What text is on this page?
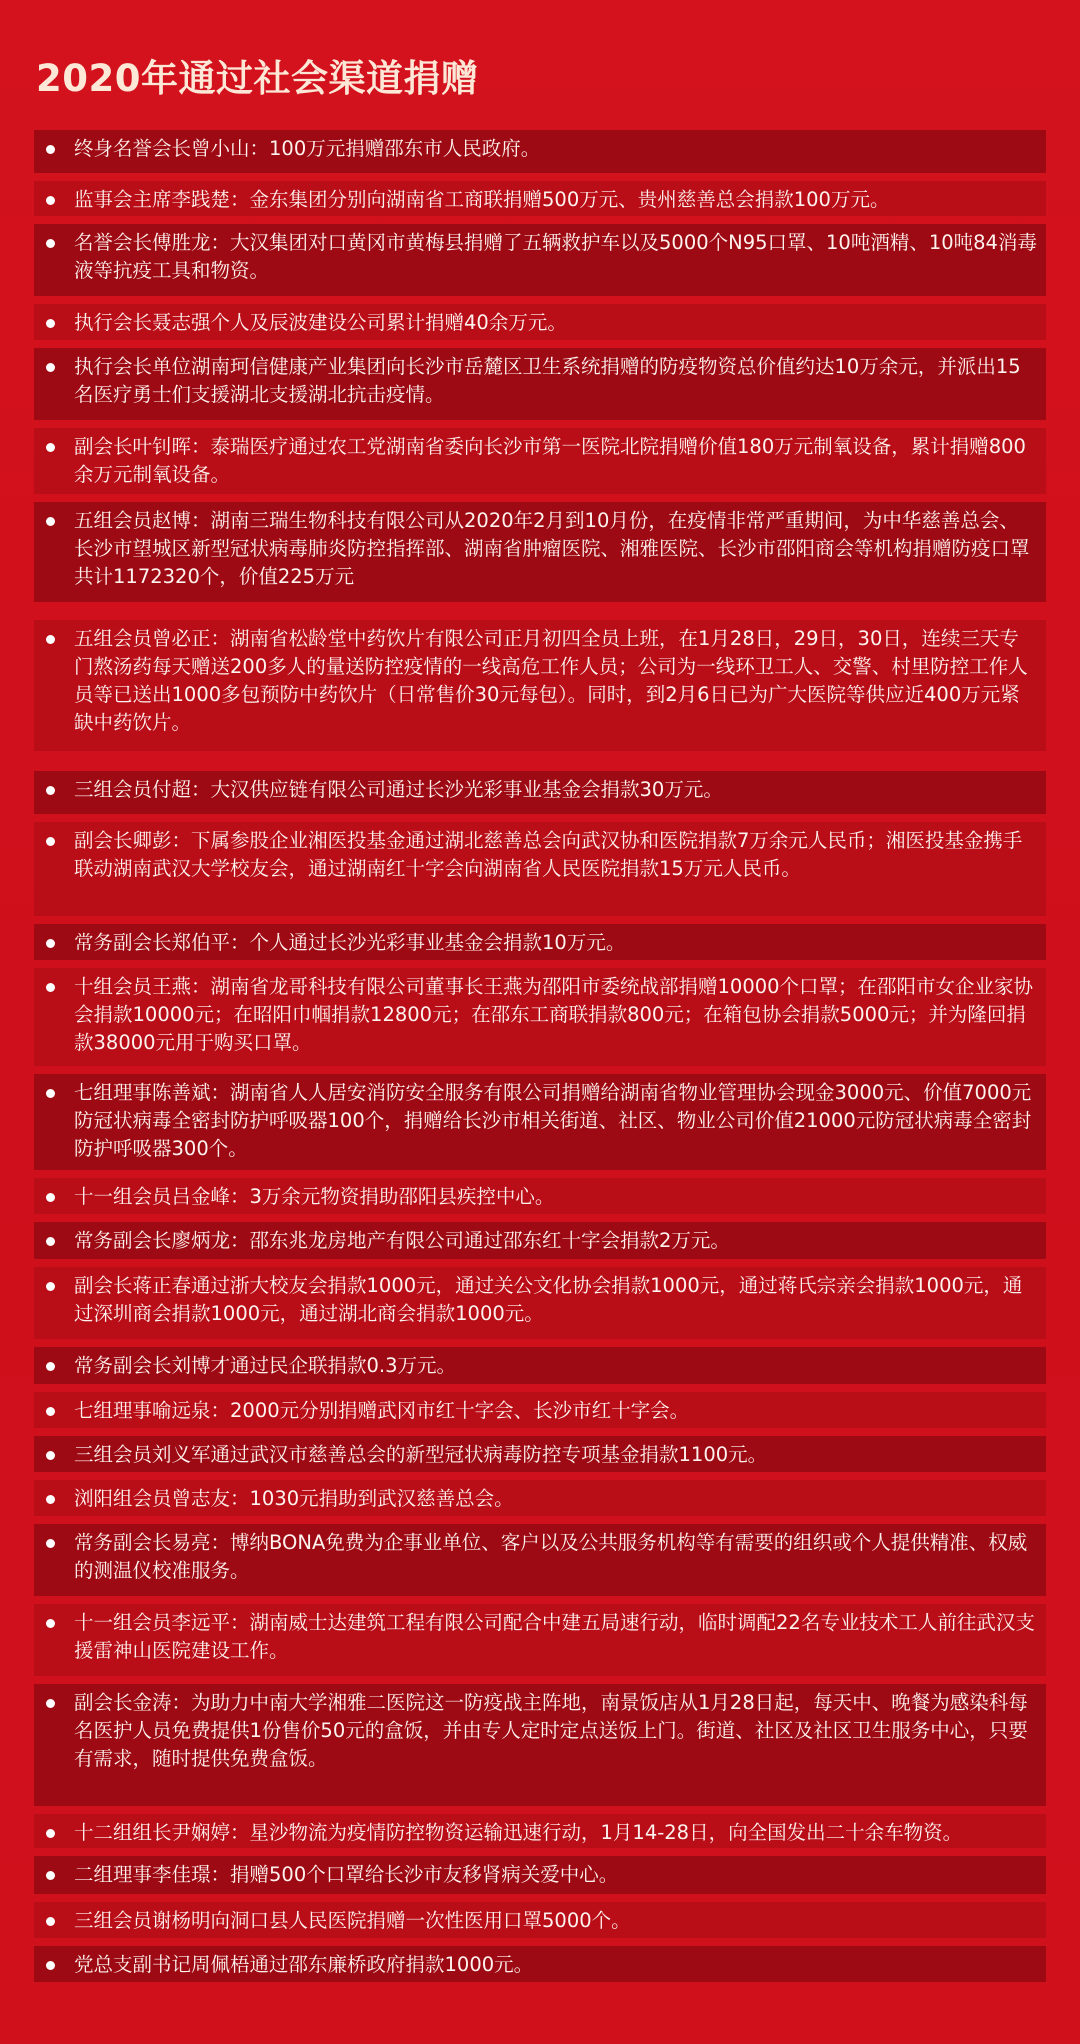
2020年通过社会渠道捐赠
终身名誉会长曾小山：100万元捐赠邵东市人民政府。
监事会主席李践楚：金东集团分别向湖南省工商联捐赠500万元、贵州慈善总会捐款100万元。
名誉会长傅胜龙：大汉集团对口黄冈市黄梅县捐赠了五辆救护车以及5000个N95口罩、10吨酒精、10吨84消毒液等抗疫工具和物资。
执行会长聂志强个人及辰波建设公司累计捐赠40余万元。
执行会长单位湖南珂信健康产业集团向长沙市岳麓区卫生系统捐赠的防疫物资总价值约达10万余元，并派出15名医疗勇士们支援湖北支援湖北抗击疫情。
副会长叶钊晖：泰瑞医疗通过农工党湖南省委向长沙市第一医院北院捐赠价值180万元制氧设备，累计捐赠800余万元制氧设备。
五组会员赵博：湖南三瑞生物科技有限公司从2020年2月到10月份，在疫情非常严重期间，为中华慈善总会、长沙市望城区新型冠状病毒肺炎防控指挥部、湖南省肿瘤医院、湘雅医院、长沙市邵阳商会等机构捐赠防疫口罩共计1172320个，价值225万元
五组会员曾必正：湖南省松龄堂中药饮片有限公司正月初四全员上班，在1月28日，29日，30日，连续三天专门熬汤药每天赠送200多人的量送防控疫情的一线高危工作人员；公司为一线环卫工人、交警、村里防控工作人员等已送出1000多包预防中药饮片（日常售价30元每包）。同时，到2月6日已为广大医院等供应近400万元紧缺中药饮片。
三组会员付超：大汉供应链有限公司通过长沙光彩事业基金会捐款30万元。
副会长卿彭：下属参股企业湘医投基金通过湖北慈善总会向武汉协和医院捐款7万余元人民币；湘医投基金携手联动湖南武汉大学校友会，通过湖南红十字会向湖南省人民医院捐款15万元人民币。
常务副会长郑伯平：个人通过长沙光彩事业基金会捐款10万元。
十组会员王燕：湖南省龙哥科技有限公司董事长王燕为邵阳市委统战部捐赠10000个口罩；在邵阳市女企业家协会捐款10000元；在昭阳巾帼捐款12800元；在邵东工商联捐款800元；在箱包协会捐款5000元；并为隆回捐款38000元用于购买口罩。
七组理事陈善斌：湖南省人人居安消防安全服务有限公司捐赠给湖南省物业管理协会现金3000元、价值7000元防冠状病毒全密封防护呼吸器100个，捐赠给长沙市相关街道、社区、物业公司价值21000元防冠状病毒全密封防护呼吸器300个。
十一组会员吕金峰：3万余元物资捐助邵阳县疾控中心。
常务副会长廖炳龙：邵东兆龙房地产有限公司通过邵东红十字会捐款2万元。
副会长蒋正春通过浙大校友会捐款1000元，通过关公文化协会捐款1000元，通过蒋氏宗亲会捐款1000元，通过深圳商会捐款1000元，通过湖北商会捐款1000元。
常务副会长刘博才通过民企联捐款0.3万元。
七组理事喻远泉：2000元分别捐赠武冈市红十字会、长沙市红十字会。
三组会员刘义军通过武汉市慈善总会的新型冠状病毒防控专项基金捐款1100元。
浏阳组会员曾志友：1030元捐助到武汉慈善总会。
常务副会长易亮：博纳BONA免费为企事业单位、客户以及公共服务机构等有需要的组织或个人提供精准、权威的测温仪校准服务。
十一组会员李远平：湖南威士达建筑工程有限公司配合中建五局速行动，临时调配22名专业技术工人前往武汉支援雷神山医院建设工作。
副会长金涛：为助力中南大学湘雅二医院这一防疫战主阵地，南景饭店从1月28日起，每天中、晚餐为感染科每名医护人员免费提供1份售价50元的盒饭，并由专人定时定点送饭上门。街道、社区及社区卫生服务中心，只要有需求，随时提供免费盒饭。
十二组组长尹娴婷：星沙物流为疫情防控物资运输迅速行动，1月14-28日，向全国发出二十余车物资。
二组理事李佳璟：捐赠500个口罩给长沙市友移肾病关爱中心。
三组会员谢杨明向洞口县人民医院捐赠一次性医用口罩5000个。
党总支副书记周佩梧通过邵东廉桥政府捐款1000元。
